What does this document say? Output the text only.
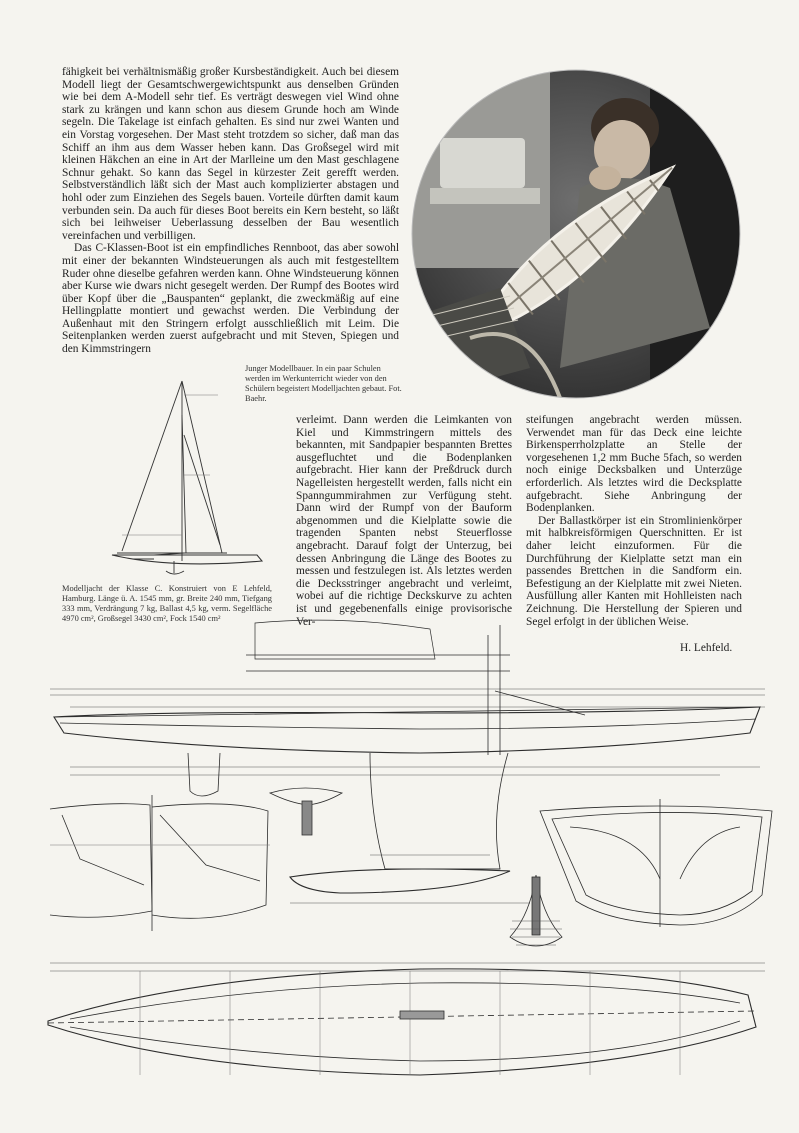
fähigkeit bei verhältnismäßig großer Kursbeständigkeit. Auch bei diesem Modell liegt der Gesamtschwergewichtspunkt aus denselben Gründen wie bei dem A-Modell sehr tief. Es verträgt deswegen viel Wind ohne stark zu krängen und kann schon aus diesem Grunde hoch am Winde segeln. Die Takelage ist einfach gehalten. Es sind nur zwei Wanten und ein Vorstag vorgesehen. Der Mast steht trotzdem so sicher, daß man das Schiff an ihm aus dem Wasser heben kann. Das Großsegel wird mit kleinen Häkchen an eine in Art der Marlleine um den Mast geschlagene Schnur gehakt. So kann das Segel in kürzester Zeit gerefft werden. Selbstverständlich läßt sich der Mast auch komplizierter abstagen und hohl oder zum Einziehen des Segels bauen. Vorteile dürften damit kaum verbunden sein. Da auch für dieses Boot bereits ein Kern besteht, so läßt sich bei leihweiser Ueberlassung desselben der Bau wesentlich vereinfachen und verbilligen.

Das C-Klassen-Boot ist ein empfindliches Rennboot, das aber sowohl mit einer der bekannten Windsteuerungen als auch mit festgestelltem Ruder ohne dieselbe gefahren werden kann. Ohne Windsteuerung können aber Kurse wie dwars nicht gesegelt werden. Der Rumpf des Bootes wird über Kopf über die „Bauspanten“ geplankt, die zweckmäßig auf eine Hellingplatte montiert und gewachst werden. Die Verbindung der Außenhaut mit den Stringern erfolgt ausschließlich mit Leim. Die Seitenplanken werden zuerst aufgebracht und mit Steven, Spiegen und den Kimmstringern

Junger Modellbauer. In ein paar Schulen werden im Werkunterricht wieder von den Schülern begeistert Modelljachten gebaut. Fot. Baehr.
Modelljacht der Klasse C. Konstruiert von E Lehfeld, Hamburg. Länge ü. A. 1545 mm, gr. Breite 240 mm, Tiefgang 333 mm, Verdrängung 7 kg, Ballast 4,5 kg, verm. Segelfläche 4970 cm², Großsegel 3430 cm², Fock 1540 cm²

verleimt. Dann werden die Leimkanten von Kiel und Kimmstringern mittels des bekannten, mit Sandpapier bespannten Brettes ausgefluchtet und die Bodenplanken aufgebracht. Hier kann der Preßdruck durch Nagelleisten hergestellt werden, falls nicht ein Spanngummirahmen zur Verfügung steht. Dann wird der Rumpf von der Bauform abgenommen und die Kielplatte sowie die tragenden Spanten nebst Steuerflosse angebracht. Darauf folgt der Unterzug, bei dessen Anbringung die Länge des Bootes zu messen und festzulegen ist. Als letztes werden die Decksstringer angebracht und verleimt, wobei auf die richtige Deckskurve zu achten ist und gegebenenfalls einige provisorische Ver-

steifungen angebracht werden müssen. Verwendet man für das Deck eine leichte Birkensperrholzplatte an Stelle der vorgesehenen 1,2 mm Buche 5fach, so werden noch einige Decksbalken und Unterzüge erforderlich. Als letztes wird die Decksplatte aufgebracht. Siehe Anbringung der Bodenplanken.

Der Ballastkörper ist ein Stromlinienkörper mit halbkreisförmigen Querschnitten. Er ist daher leicht einzuformen. Für die Durchführung der Kielplatte setzt man ein passendes Brettchen in die Sandform ein. Befestigung an der Kielplatte mit zwei Nieten. Ausfüllung aller Kanten mit Hohlleisten nach Zeichnung. Die Herstellung der Spieren und Segel erfolgt in der üblichen Weise.

H. Lehfeld.
